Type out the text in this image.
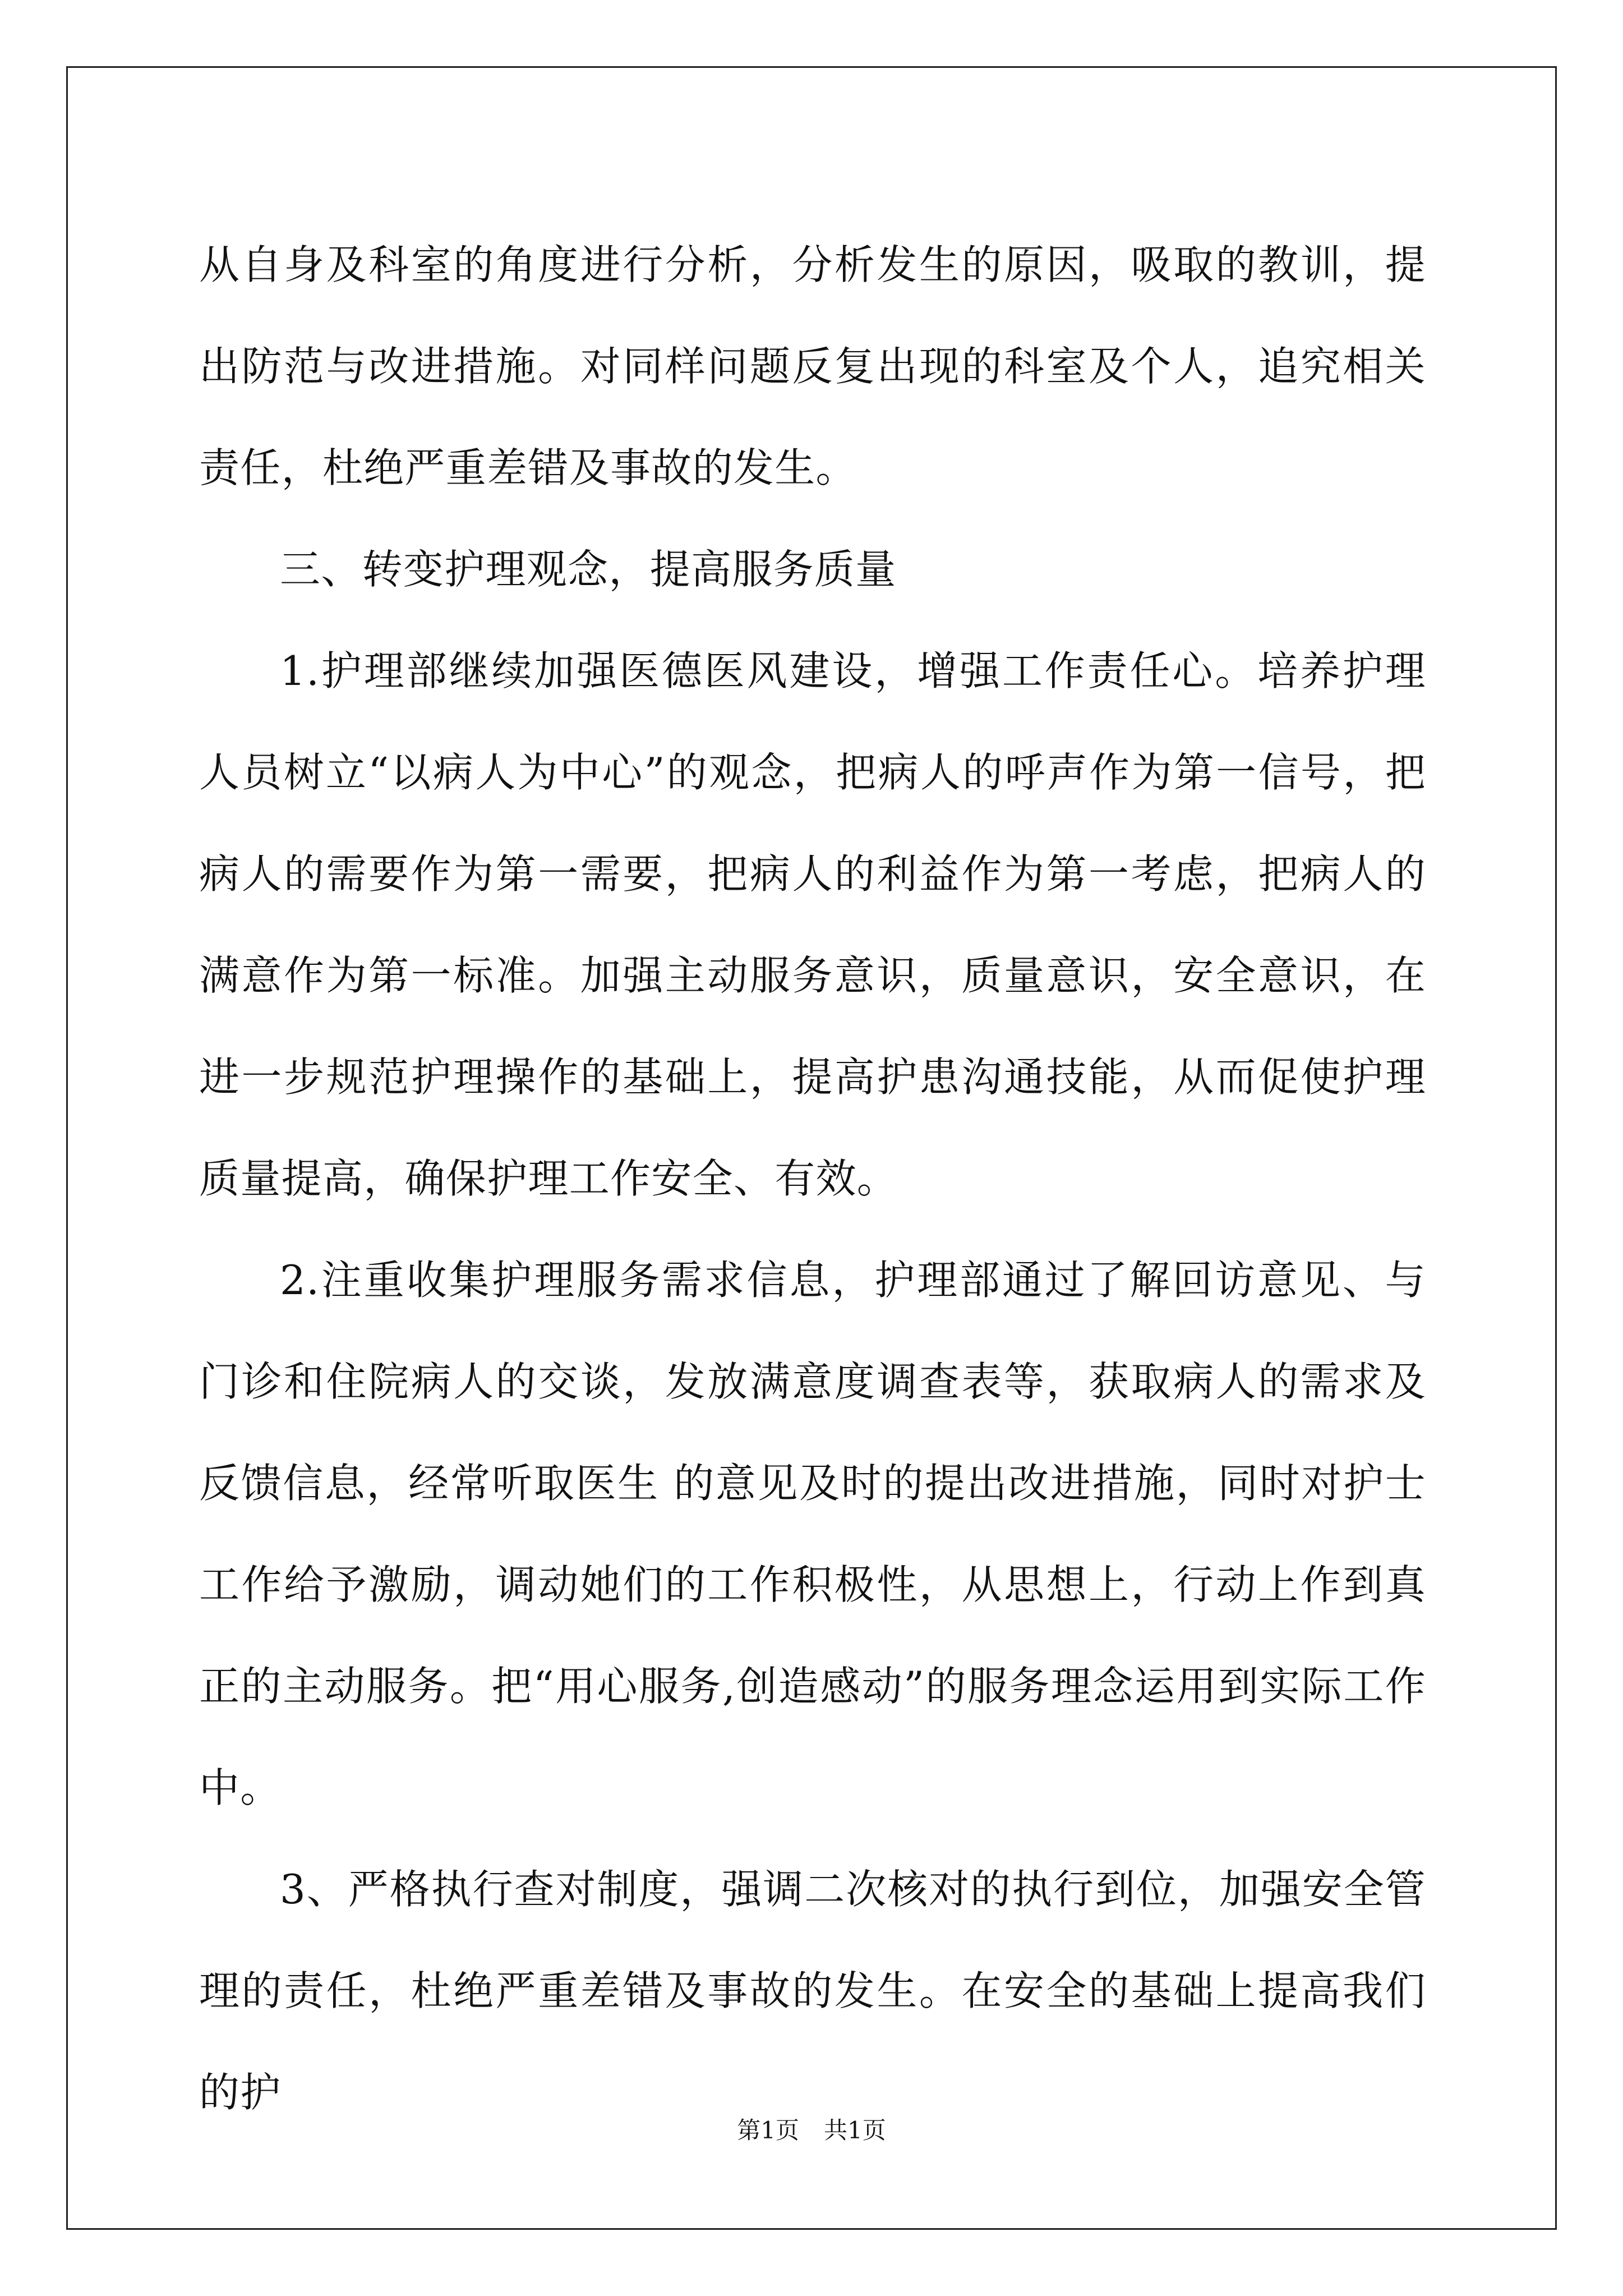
从自身及科室的角度进行分析，分析发生的原因，吸取的教训，提出防范与改进措施。对同样问题反复出现的科室及个人，追究相关责任，杜绝严重差错及事故的发生。

三、转变护理观念，提高服务质量

1.护理部继续加强医德医风建设，增强工作责任心。培养护理人员树立“以病人为中心”的观念，把病人的呼声作为第一信号，把病人的需要作为第一需要，把病人的利益作为第一考虑，把病人的满意作为第一标准。加强主动服务意识，质量意识，安全意识，在进一步规范护理操作的基础上，提高护患沟通技能，从而促使护理质量提高，确保护理工作安全、有效。

2.注重收集护理服务需求信息，护理部通过了解回访意见、与门诊和住院病人的交谈，发放满意度调查表等，获取病人的需求及反馈信息，经常听取医生 的意见及时的提出改进措施，同时对护士工作给予激励，调动她们的工作积极性，从思想上，行动上作到真正的主动服务。把“用心服务,创造感动”的服务理念运用到实际工作中。

3、严格执行查对制度，强调二次核对的执行到位，加强安全管理的责任，杜绝严重差错及事故的发生。在安全的基础上提高我们的护

第1页 共1页
